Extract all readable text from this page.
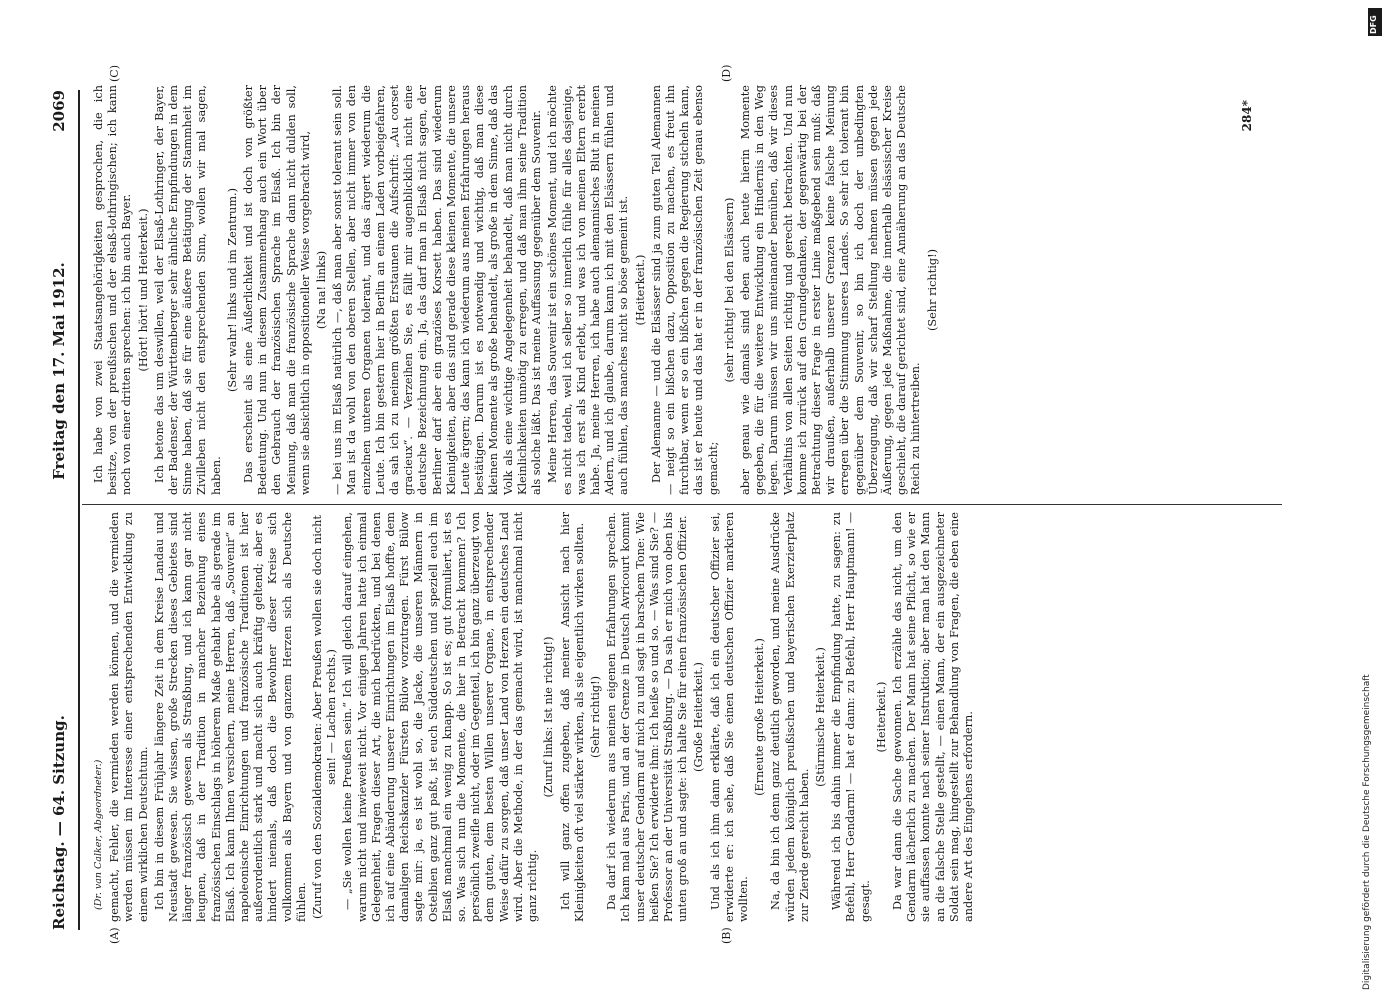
Reichstag. — 64. Sitzung.
Freitag den 17. Mai 1912.  2069
(A)	(B)
(C)	(D)

(Dr. van Calker, Abgeordneter.) gemacht, Fehler, die vermieden werden können, und die vermieden werden müssen im Interesse einer entsprechenden Entwicklung zu einem wirklichen Deutschtum. Ich bin in diesem Frühjahr längere Zeit in dem Kreise Landau und Neustadt gewesen. Sie wissen, große Strecken dieses Gebietes sind länger französisch gewesen als Straßburg, und ich kann gar nicht leugnen, daß in der Tradition in mancher Beziehung eines französischen Einschlags in höherem Maße gehabt habe als gerade im Elsaß. Ich kann Ihnen versichern, meine Herren, daß „Souvenir“ an napoleonische Einrichtungen und französische Traditionen ist hier außerordentlich stark und macht sich auch kräftig geltend; aber es hindert niemals, daß doch die Bewohner dieser Kreise sich vollkommen als Bayern und von ganzem Herzen sich als Deutsche fühlen. (Zuruf von den Sozialdemokraten: Aber Preußen wollen sie doch nicht sein! — Lachen rechts.) — „Sie wollen keine Preußen sein.“ Ich will gleich darauf eingehen, warum nicht und inwieweit nicht. Vor einigen Jahren hatte ich einmal Gelegenheit, Fragen dieser Art, die mich bedrückten, und bei denen ich auf eine Abänderung unserer Einrichtungen im Elsaß hoffte, dem damaligen Reichskanzler Fürsten Bülow vorzutragen. Fürst Bülow sagte mir: ja, es ist wohl so, die Jacke, die unseren Männern in Ostelbien ganz gut paßt, ist euch Süddeutschen und speziell euch im Elsaß manchmal ein wenig zu knapp. So ist es; gut formuliert, ist es so. Was sich nun die Momente, die hier in Betracht kommen? Ich persönlich zweifle nicht, oder im Gegenteil, ich bin ganz überzeugt von dem guten, dem besten Willen unserer Organe, in entsprechender Weise dafür zu sorgen, daß unser Land von Herzen ein deutsches Land wird. Aber die Methode, in der das gemacht wird, ist manchmal nicht ganz richtig.

(Zuruf links: Ist nie richtig!) Ich will ganz offen zugeben, daß meiner Ansicht nach hier Kleinigkeiten oft viel stärker wirken, als sie eigentlich wirken sollten. (Sehr richtig!) Da darf ich wiederum aus meinen eigenen Erfahrungen sprechen. Ich kam mal aus Paris, und an der Grenze in Deutsch Avricourt kommt unser deutscher Gendarm auf mich zu und sagt in barschem Tone: Wie heißen Sie? Ich erwiderte ihm: Ich heiße so und so. — Was sind Sie? — Professor an der Universität Straßburg. — Da sah er mich von oben bis unten groß an und sagte: ich halte Sie für einen französischen Offizier. (Große Heiterkeit.) Und als ich ihm dann erklärte, daß ich ein deutscher Offizier sei, erwiderte er: ich sehe, daß Sie einen deutschen Offizier markieren wollten.

(Erneute große Heiterkeit.) Na, da bin ich denn ganz deutlich geworden, und meine Ausdrücke würden jedem königlich preußischen und bayerischen Exerzierplatz zur Zierde gereicht haben.

(Stürmische Heiterkeit.) Während ich bis dahin immer die Empfindung hatte, zu sagen: zu Befehl, Herr Gendarm! — hat er dann: zu Befehl, Herr Hauptmann! — gesagt.

(Heiterkeit.) Da war dann die Sache gewonnen. Ich erzähle das nicht, um den Gendarm lächerlich zu machen. Der Mann hat seine Pflicht, so wie er sie auffassen konnte nach seiner Instruktion; aber man hat den Mann an die falsche Stelle gestellt, — einen Mann, der ein ausgezeichneter Soldat sein mag, hingestellt zur Behandlung von Fragen, die eben eine andere Art des Eingehens erfordern.

Ich habe von zwei Staatsangehörigkeiten gesprochen, die ich besitze, von der preußischen und der elsaß-lothringischen; ich kann noch von einer dritten sprechen: ich bin auch Bayer. (Hört! hört! und Heiterkeit.) Ich betone das um deswillen, weil der Elsaß-Lothringer, der Bayer, der Badenser, der Württemberger sehr ähnliche Empfindungen in dem Sinne haben, daß sie für eine äußere Betätigung der Stammheit im Zivilleben nicht den entsprechenden Sinn, wollen wir mal sagen, haben.

(Sehr wahr! links und im Zentrum.) Das erscheint als eine Äußerlichkeit und ist doch von größter Bedeutung. Und nun in diesem Zusammenhang auch ein Wort über den Gebrauch der französischen Sprache im Elsaß. Ich bin der Meinung, daß man die französische Sprache dann nicht dulden soll, wenn sie absichtlich in oppositioneller Weise vorgebracht wird, (Na na! links) — bei uns im Elsaß natürlich —, daß man aber sonst tolerant sein soll. Man ist da wohl von den oberen Stellen, aber nicht immer von den einzelnen unteren Organen tolerant, und das ärgert wiederum die Leute. Ich bin gestern hier in Berlin an einem Laden vorbeigefahren, da sah ich zu meinem größten Erstaunen die Aufschrift: „Au corset gracieux“. — Verzeihen Sie, es fällt mir augenblicklich nicht eine deutsche Bezeichnung ein. Ja, das darf man in Elsaß nicht sagen, der Berliner darf aber ein graziöses Korsett haben. Das sind wiederum Kleinigkeiten, aber das sind gerade diese kleinen Momente, die unsere Leute ärgern; das kann ich wiederum aus meinen Erfahrungen heraus bestätigen. Darum ist es notwendig und wichtig, daß man diese kleinen Momente als große behandelt, als große in dem Sinne, daß das Volk als eine wichtige Angelegenheit behandelt, daß man nicht durch Kleinlichkeiten unnötig zu erregen, und daß man ihm seine Tradition als solche läßt. Das ist meine Auffassung gegenüber dem Souvenir. Meine Herren, das Souvenir ist ein schönes Moment, und ich möchte es nicht tadeln, weil ich selber so innerlich fühle für alles dasjenige, was ich erst als Kind erlebt, und was ich von meinen Eltern ererbt habe. Ja, meine Herren, ich habe auch alemannisches Blut in meinen Adern, und ich glaube, darum kann ich mit den Elsässern fühlen und auch fühlen, das manches nicht so böse gemeint ist. (Heiterkeit.) Der Alemanne — und die Elsässer sind ja zum guten Teil Alemannen — neigt so ein bißchen dazu, Opposition zu machen, es freut ihn furchtbar, wenn er so ein bißchen gegen die Regierung sticheln kann, das ist er heute und das hat er in der französischen Zeit genau ebenso gemacht;

(sehr richtig! bei den Elsässern) aber genau wie damals sind eben auch heute hierin Momente gegeben, die für die weitere Entwicklung ein Hindernis in den Weg legen. Darum müssen wir uns miteinander bemühen, daß wir dieses Verhältnis von allen Seiten richtig und gerecht betrachten. Und nun komme ich zurück auf den Grundgedanken, der gegenwärtig bei der Betrachtung dieser Frage in erster Linie maßgebend sein muß: daß wir draußen, außerhalb unserer Grenzen keine falsche Meinung erregen über die Stimmung unseres Landes. So sehr ich tolerant bin gegenüber dem Souvenir, so bin ich doch der unbedingten Überzeugung, daß wir scharf Stellung nehmen müssen gegen jede Äußerung, gegen jede Maßnahme, die innerhalb elsässischer Kreise geschieht, die darauf gerichtet sind, eine Annäherung an das Deutsche Reich zu hintertreiben.

(Sehr richtig!)

284*
DFG
Digitalisierung gefördert durch die Deutsche Forschungsgemeinschaft
